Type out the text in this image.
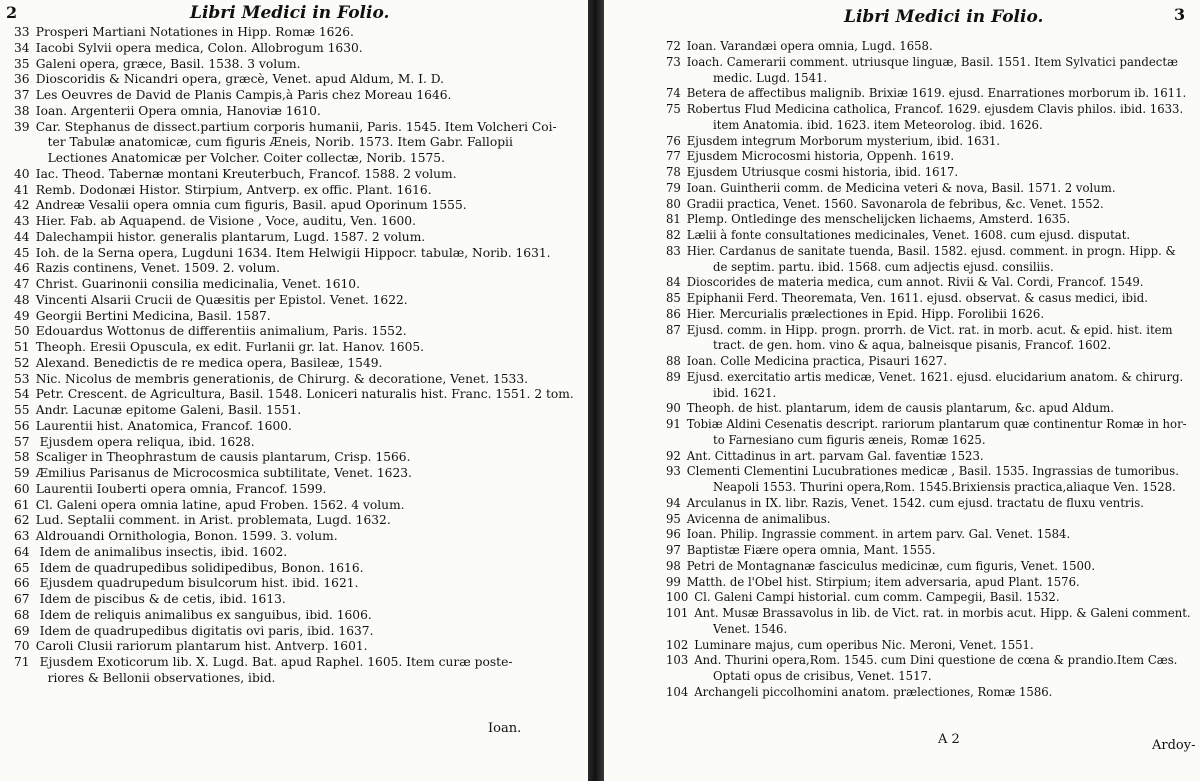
2	Libri Medici in Folio.
33 Prosperi Martiani Notationes in Hipp. Romæ 1626.
34 Iacobi Sylvii opera medica, Colon. Allobrogum 1630.
35 Galeni opera, græce, Basil. 1538. 3 volum.
36 Dioscoridis & Nicandri opera, græcè, Venet. apud Aldum, M. I. D.
37 Les Oeuvres de David de Planis Campis,à Paris chez Moreau 1646.
38 Ioan. Argenterii Opera omnia, Hanoviæ 1610.
39 Car. Stephanus de dissect.partium corporis humanii, Paris. 1545. Item Volcheri Coi-
ter Tabulæ anatomicæ, cum figuris Æneis, Norib. 1573. Item Gabr. Fallopii
Lectiones Anatomicæ per Volcher. Coiter collectæ, Norib. 1575.
40 Iac. Theod. Tabernæ montani Kreuterbuch, Francof. 1588. 2 volum.
41 Remb. Dodonæi Histor. Stirpium, Antverp. ex offic. Plant. 1616.
42 Andreæ Vesalii opera omnia cum figuris, Basil. apud Oporinum 1555.
43 Hier. Fab. ab Aquapend. de Visione , Voce, auditu, Ven. 1600.
44 Dalechampii histor. generalis plantarum, Lugd. 1587. 2 volum.
45 Ioh. de la Serna opera, Lugduni 1634. Item Helwigii Hippocr. tabulæ, Norib. 1631.
46 Razis continens, Venet. 1509. 2. volum.
47 Christ. Guarinonii consilia medicinalia, Venet. 1610.
48 Vincenti Alsarii Crucii de Quæsitis per Epistol. Venet. 1622.
49 Georgii Bertini Medicina, Basil. 1587.
50 Edouardus Wottonus de differentiis animalium, Paris. 1552.
51 Theoph. Eresii Opuscula, ex edit. Furlanii gr. lat. Hanov. 1605.
52 Alexand. Benedictis de re medica opera, Basileæ, 1549.
53 Nic. Nicolus de membris generationis, de Chirurg. & decoratione, Venet. 1533.
54 Petr. Crescent. de Agricultura, Basil. 1548. Loniceri naturalis hist. Franc. 1551. 2 tom.
55 Andr. Lacunæ epitome Galeni, Basil. 1551.
56 Laurentii hist. Anatomica, Francof. 1600.
57 Ejusdem opera reliqua, ibid. 1628.
58 Scaliger in Theophrastum de causis plantarum, Crisp. 1566.
59 Æmilius Parisanus de Microcosmica subtilitate, Venet. 1623.
60 Laurentii Iouberti opera omnia, Francof. 1599.
61 Cl. Galeni opera omnia latine, apud Froben. 1562. 4 volum.
62 Lud. Septalii comment. in Arist. problemata, Lugd. 1632.
63 Aldrouandi Ornithologia, Bonon. 1599. 3. volum.
64 Idem de animalibus insectis, ibid. 1602.
65 Idem de quadrupedibus solidipedibus, Bonon. 1616.
66 Ejusdem quadrupedum bisulcorum hist. ibid. 1621.
67 Idem de piscibus & de cetis, ibid. 1613.
68 Idem de reliquis animalibus ex sanguibus, ibid. 1606.
69 Idem de quadrupedibus digitatis ovi paris, ibid. 1637.
70 Caroli Clusii rariorum plantarum hist. Antverp. 1601.
71 Ejusdem Exoticorum lib. X. Lugd. Bat. apud Raphel. 1605. Item curæ poste-
riores & Bellonii observationes, ibid.
Ioan.
Libri Medici in Folio.	3
72 Ioan. Varandæi opera omnia, Lugd. 1658.
73 Ioach. Camerarii comment. utriusque linguæ, Basil. 1551. Item Sylvatici pandectæ
medic. Lugd. 1541.
74 Betera de affectibus malignib. Brixiæ 1619. ejusd. Enarrationes morborum ib. 1611.
75 Robertus Flud Medicina catholica, Francof. 1629. ejusdem Clavis philos. ibid. 1633.
item Anatomia. ibid. 1623. item Meteorolog. ibid. 1626.
76 Ejusdem integrum Morborum mysterium, ibid. 1631.
77 Ejusdem Microcosmi historia, Oppenh. 1619.
78 Ejusdem Utriusque cosmi historia, ibid. 1617.
79 Ioan. Guintherii comm. de Medicina veteri & nova, Basil. 1571. 2 volum.
80 Gradii practica, Venet. 1560. Savonarola de febribus, &c. Venet. 1552.
81 Plemp. Ontledinge des menschelijcken lichaems, Amsterd. 1635.
82 Lælii à fonte consultationes medicinales, Venet. 1608. cum ejusd. disputat.
83 Hier. Cardanus de sanitate tuenda, Basil. 1582. ejusd. comment. in progn. Hipp. &
de septim. partu. ibid. 1568. cum adjectis ejusd. consiliis.
84 Dioscorides de materia medica, cum annot. Rivii & Val. Cordi, Francof. 1549.
85 Epiphanii Ferd. Theoremata, Ven. 1611. ejusd. observat. & casus medici, ibid.
86 Hier. Mercurialis prælectiones in Epid. Hipp. Forolibii 1626.
87 Ejusd. comm. in Hipp. progn. prorrh. de Vict. rat. in morb. acut. & epid. hist. item
tract. de gen. hom. vino & aqua, balneisque pisanis, Francof. 1602.
88 Ioan. Colle Medicina practica, Pisauri 1627.
89 Ejusd. exercitatio artis medicæ, Venet. 1621. ejusd. elucidarium anatom. & chirurg.
ibid. 1621.
90 Theoph. de hist. plantarum, idem de causis plantarum, &c. apud Aldum.
91 Tobiæ Aldini Cesenatis descript. rariorum plantarum quæ continentur Romæ in hor-
to Farnesiano cum figuris æneis, Romæ 1625.
92 Ant. Cittadinus in art. parvam Gal. faventiæ 1523.
93 Clementi Clementini Lucubrationes medicæ , Basil. 1535. Ingrassias de tumoribus.
Neapoli 1553. Thurini opera,Rom. 1545.Brixiensis practica,aliaque Ven. 1528.
94 Arculanus in IX. libr. Razis, Venet. 1542. cum ejusd. tractatu de fluxu ventris.
95 Avicenna de animalibus.
96 Ioan. Philip. Ingrassie comment. in artem parv. Gal. Venet. 1584.
97 Baptistæ Fiære opera omnia, Mant. 1555.
98 Petri de Montagnanæ fasciculus medicinæ, cum figuris, Venet. 1500.
99 Matth. de l'Obel hist. Stirpium; item adversaria, apud Plant. 1576.
100 Cl. Galeni Campi historial. cum comm. Campegii, Basil. 1532.
101 Ant. Musæ Brassavolus in lib. de Vict. rat. in morbis acut. Hipp. & Galeni comment.
Venet. 1546.
102 Luminare majus, cum operibus Nic. Meroni, Venet. 1551.
103 And. Thurini opera,Rom. 1545. cum Dini questione de cœna & prandio.Item Cæs.
Optati opus de crisibus, Venet. 1517.
104 Archangeli piccolhomini anatom. prælectiones, Romæ 1586.
A 2	Ardoy-
